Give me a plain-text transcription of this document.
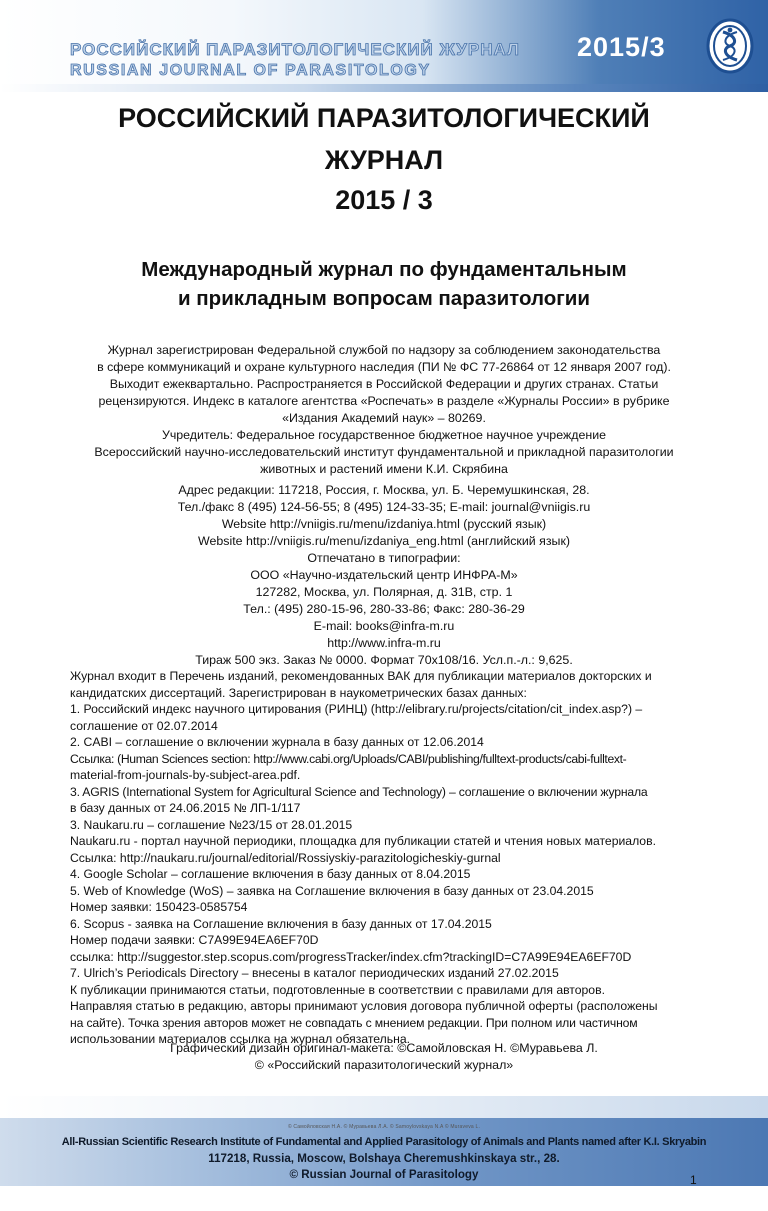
РОССИЙСКИЙ ПАРАЗИТОЛОГИЧЕСКИЙ ЖУРНАЛ
RUSSIAN JOURNAL OF PARASITOLOGY
2015/3
РОССИЙСКИЙ ПАРАЗИТОЛОГИЧЕСКИЙ
ЖУРНАЛ
2015 / 3
Международный журнал по фундаментальным
и прикладным вопросам паразитологии
Журнал зарегистрирован Федеральной службой по надзору за соблюдением законодательства
в сфере коммуникаций и охране культурного наследия (ПИ № ФС 77-26864 от 12 января 2007 год).
Выходит ежеквартально. Распространяется в Российской Федерации и других странах. Статьи
рецензируются. Индекс в каталоге агентства «Роспечать» в разделе «Журналы России» в рубрике
«Издания Академий наук» – 80269.
Учредитель: Федеральное государственное бюджетное научное учреждение
Всероссийский научно-исследовательский институт фундаментальной и прикладной паразитологии
животных и растений имени К.И. Скрябина
Адрес редакции: 117218, Россия, г. Москва, ул. Б. Черемушкинская, 28.
Тел./факс 8 (495) 124-56-55; 8 (495) 124-33-35; E-mail: journal@vniigis.ru
Website http://vniigis.ru/menu/izdaniya.html (русский язык)
Website http://vniigis.ru/menu/izdaniya_eng.html (английский язык)
Отпечатано в типографии:
ООО «Научно-издательский центр ИНФРА-М»
127282, Москва, ул. Полярная, д. 31В, стр. 1
Тел.: (495) 280-15-96, 280-33-86; Факс: 280-36-29
E-mail: books@infra-m.ru
http://www.infra-m.ru
Тираж 500 экз. Заказ № 0000. Формат 70x108/16. Усл.п.-л.: 9,625.
Журнал входит в Перечень изданий, рекомендованных ВАК для публикации материалов докторских и
кандидатских диссертаций. Зарегистрирован в наукометрических базах данных:
1. Российский индекс научного цитирования (РИНЦ) (http://elibrary.ru/projects/citation/cit_index.asp?) –
соглашение от 02.07.2014
2. CABI – соглашение о включении журнала в базу данных от 12.06.2014
Ссылка: (Human Sciences section: http://www.cabi.org/Uploads/CABI/publishing/fulltext-products/cabi-fulltext-
material-from-journals-by-subject-area.pdf.
3. AGRIS (International System for Agricultural Science and Technology) – соглашение о включении журнала
в базу данных от 24.06.2015 № ЛП-1/117
3. Naukaru.ru – соглашение №23/15 от 28.01.2015
Naukaru.ru - портал научной периодики, площадка для публикации статей и чтения новых материалов.
Ссылка: http://naukaru.ru/journal/editorial/Rossiyskiy-parazitologicheskiy-gurnal
4. Google Scholar – соглашение включения в базу данных от 8.04.2015
5. Web of Knowledge (WoS) – заявка на Соглашение включения в базу данных от 23.04.2015
Номер заявки: 150423-0585754
6. Scopus - заявка на Соглашение включения в базу данных от 17.04.2015
Номер подачи заявки: C7A99E94EA6EF70D
ссылка: http://suggestor.step.scopus.com/progressTracker/index.cfm?trackingID=C7A99E94EA6EF70D
7. Ulrich’s Periodicals Directory – внесены в каталог периодических изданий 27.02.2015
К публикации принимаются статьи, подготовленные в соответствии с правилами для авторов.
Направляя статью в редакцию, авторы принимают условия договора публичной оферты (расположены
на сайте). Точка зрения авторов может не совпадать с мнением редакции. При полном или частичном
использовании материалов ссылка на журнал обязательна.
Графический дизайн оригинал-макета: ©Самойловская Н. ©Муравьева Л.
© «Российский паразитологический журнал»
© Самойловская Н.А. © Муравьева Л.А. © Samoylovskaya N.A © Muraveva L.
All-Russian Scientific Research Institute of Fundamental and Applied Parasitology of Animals and Plants named after K.I. Skryabin
117218, Russia, Moscow, Bolshaya Cheremushkinskaya str., 28.
© Russian Journal of Parasitology	1
